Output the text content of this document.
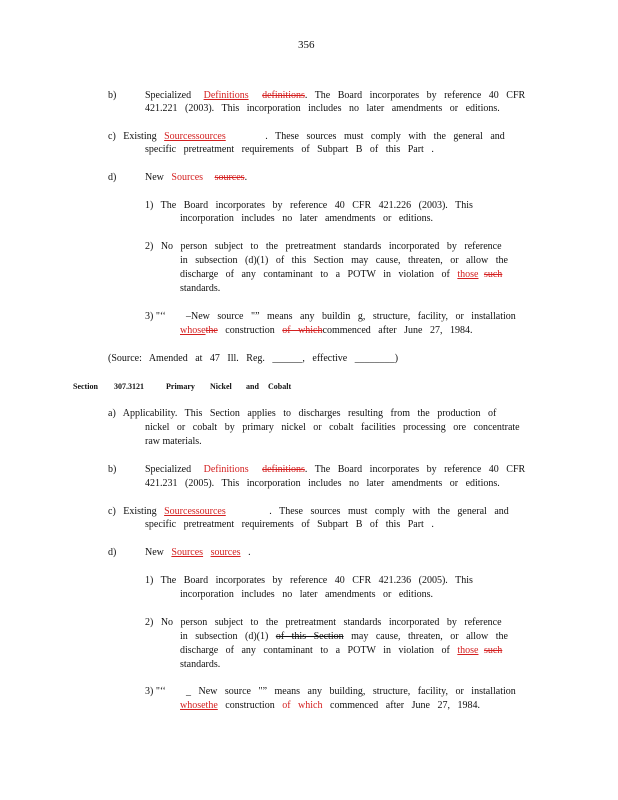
356
b)	Specialized Definitions definitions. The Board incorporates by reference 40 CFR
421.221 (2003). This incorporation includes no later amendments or editions.
c) Existing Sourcessources	. These sources must comply with the general and
specific pretreatment requirements of Subpart B of this Part .
d)	New Sources sources.
1) The Board incorporates by reference 40 CFR 421.226 (2003). This
incorporation includes no later amendments or editions.
2) No person subject to the pretreatment standards incorporated by reference
in subsection (d)(1) of this Section may cause, threaten, or allow the
discharge of any contaminant to a POTW in violation of those such
standards.
3) "‘‘ –New source "” means any buildin g, structure, facility, or installation
whosethe construction of whichcommenced after June 27, 1984.
(Source: Amended at 47 Ill. Reg. ______, effective ________)
Section 307.3121	Primary Nickel and Cobalt
a) Applicability. This Section applies to discharges resulting from the production of
nickel or cobalt by primary nickel or cobalt facilities processing ore concentrate
raw materials.
b)	Specialized Definitions definitions. The Board incorporates by reference 40 CFR
421.231 (2005). This incorporation includes no later amendments or editions.
c) Existing Sourcessources	. These sources must comply with the general and
specific pretreatment requirements of Subpart B of this Part .
d)	New Sources sources .
1) The Board incorporates by reference 40 CFR 421.236 (2005). This
incorporation includes no later amendments or editions.
2) No person subject to the pretreatment standards incorporated by reference
in subsection (d)(1) of this Section may cause, threaten, or allow the
discharge of any contaminant to a POTW in violation of those such
standards.
3) "‘‘ _ New source "” means any building, structure, facility, or installation
whosethe construction of which commenced after June 27, 1984.
